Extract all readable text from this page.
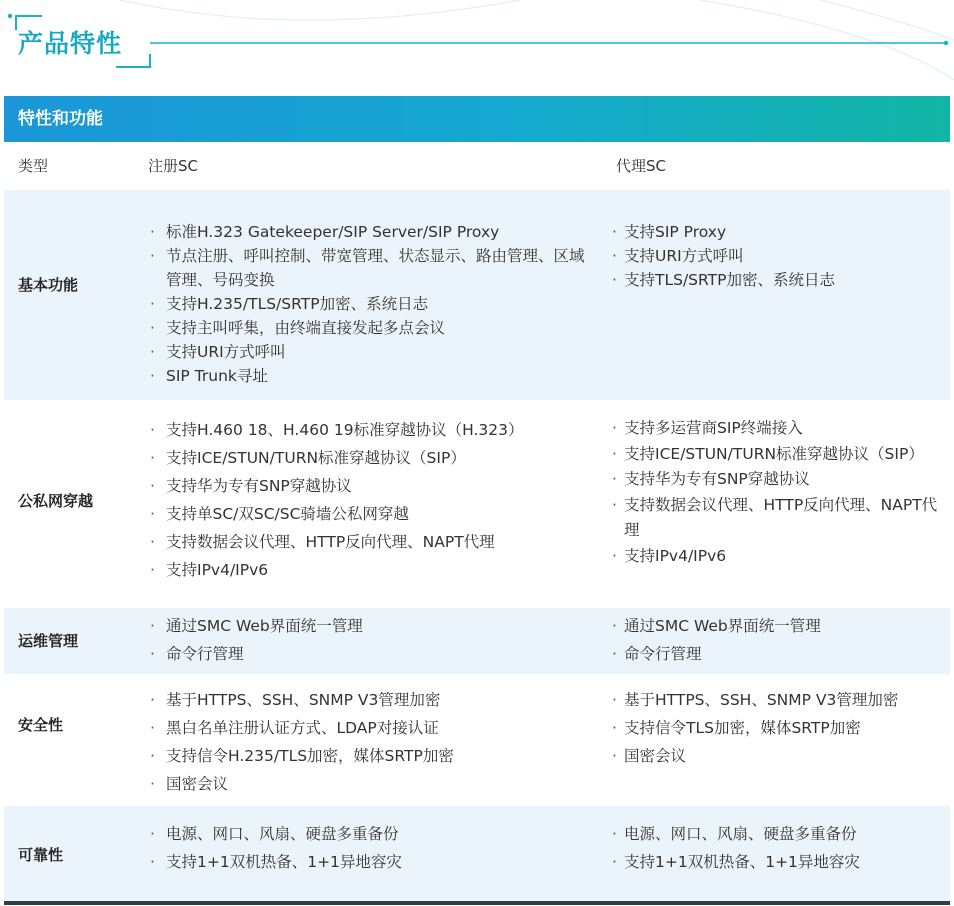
产品特性
特性和功能
类型	注册SC	代理SC
基本功能
· 标准H.323 Gatekeeper/SIP Server/SIP Proxy
· 节点注册、呼叫控制、带宽管理、状态显示、路由管理、区域管理、号码变换
· 支持H.235/TLS/SRTP加密、系统日志
· 支持主叫呼集，由终端直接发起多点会议
· 支持URI方式呼叫
· SIP Trunk寻址
· 支持SIP Proxy
· 支持URI方式呼叫
· 支持TLS/SRTP加密、系统日志
公私网穿越
· 支持H.460 18、H.460 19标准穿越协议（H.323）
· 支持ICE/STUN/TURN标准穿越协议（SIP）
· 支持华为专有SNP穿越协议
· 支持单SC/双SC/SC骑墙公私网穿越
· 支持数据会议代理、HTTP反向代理、NAPT代理
· 支持IPv4/IPv6
· 支持多运营商SIP终端接入
· 支持ICE/STUN/TURN标准穿越协议（SIP）
· 支持华为专有SNP穿越协议
· 支持数据会议代理、HTTP反向代理、NAPT代理
· 支持IPv4/IPv6
运维管理
· 通过SMC Web界面统一管理
· 命令行管理
· 通过SMC Web界面统一管理
· 命令行管理
安全性
· 基于HTTPS、SSH、SNMP V3管理加密
· 黑白名单注册认证方式、LDAP对接认证
· 支持信令H.235/TLS加密，媒体SRTP加密
· 国密会议
· 基于HTTPS、SSH、SNMP V3管理加密
· 支持信令TLS加密，媒体SRTP加密
· 国密会议
可靠性
· 电源、网口、风扇、硬盘多重备份
· 支持1+1双机热备、1+1异地容灾
· 电源、网口、风扇、硬盘多重备份
· 支持1+1双机热备、1+1异地容灾
